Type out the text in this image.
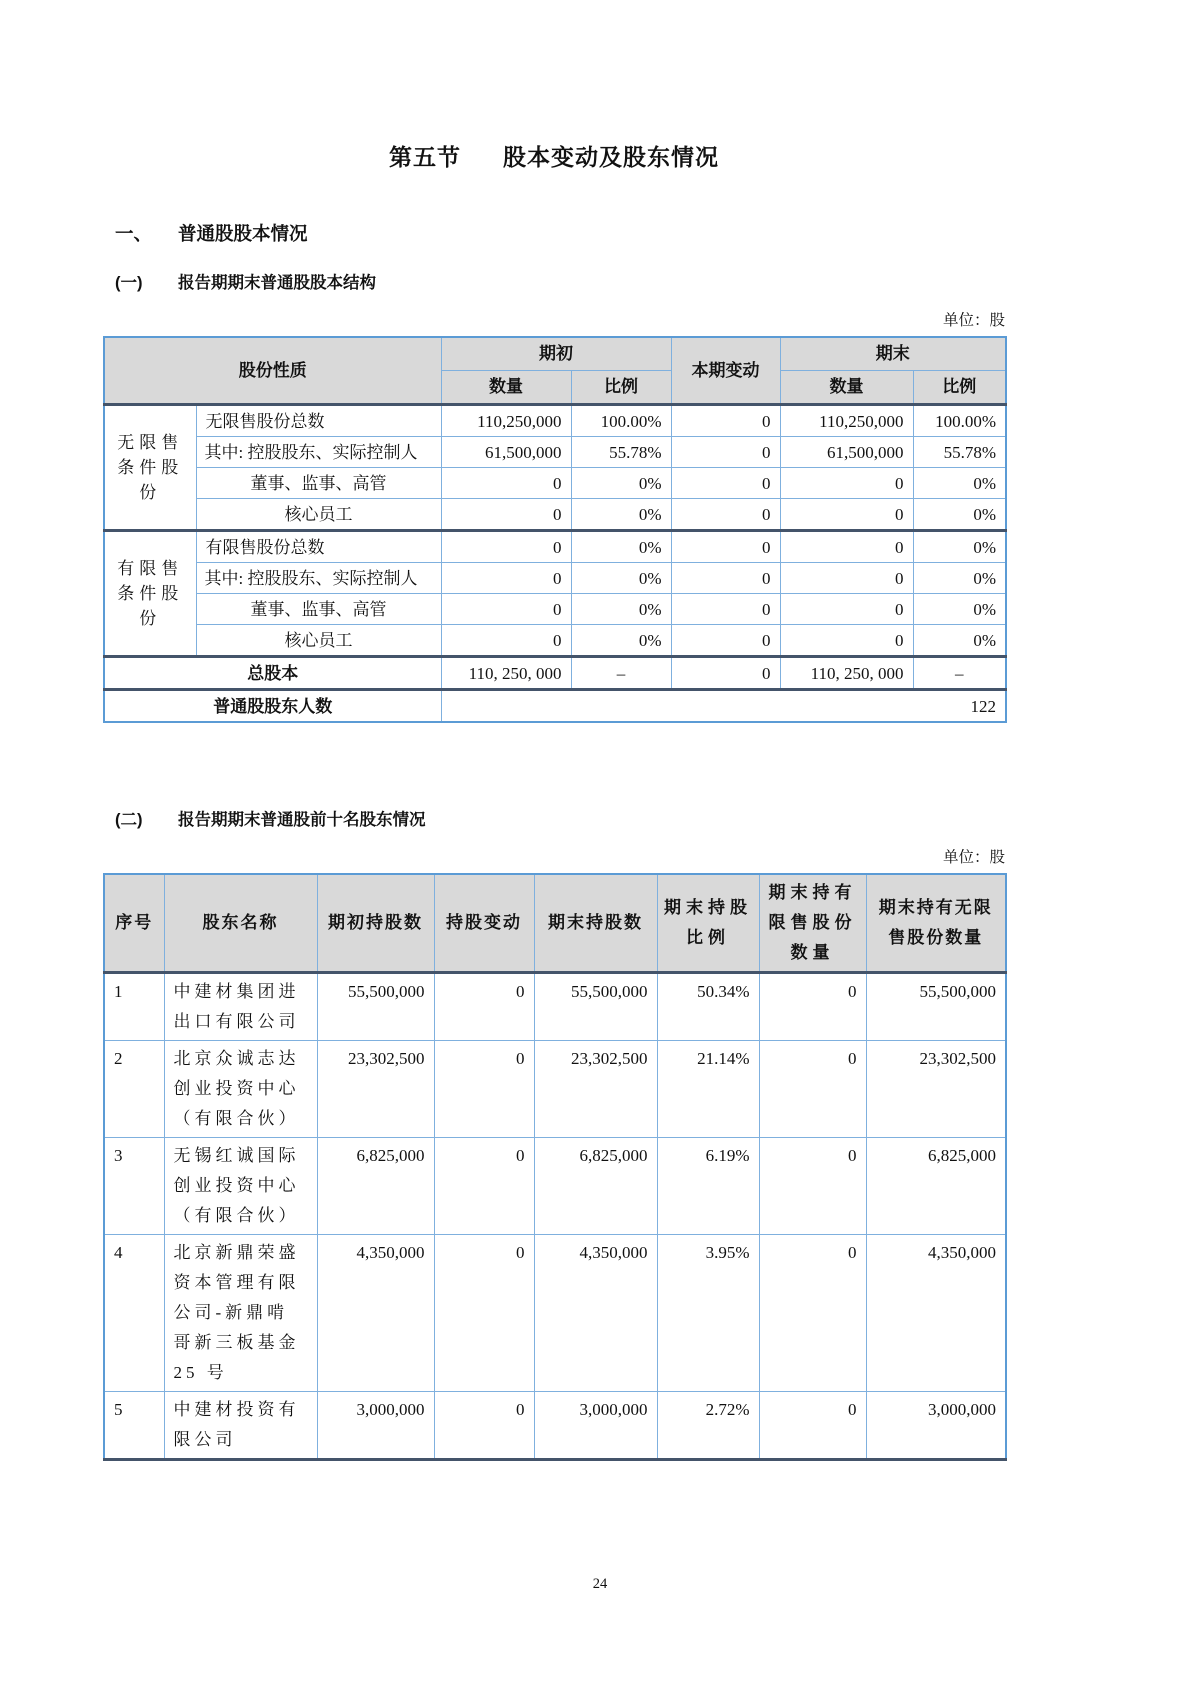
第五节 股本变动及股东情况
一、 普通股股本情况
(一) 报告期期末普通股股本结构
单位：股
股份性质		期初		本期变动	期末	
		数量	比例		数量	比例
无限售条件股份	无限售股份总数	110,250,000	100.00%	0	110,250,000	100.00%
	其中: 控股股东、实际控制人	61,500,000	55.78%	0	61,500,000	55.78%
	董事、监事、高管	0	0%	0	0	0%
	核心员工	0	0%	0	0	0%
有限售条件股份	有限售股份总数	0	0%	0	0	0%
	其中: 控股股东、实际控制人	0	0%	0	0	0%
	董事、监事、高管	0	0%	0	0	0%
	核心员工	0	0%	0	0	0%
总股本		110, 250, 000	–	0	110, 250, 000	–
普通股股东人数		122				
(二) 报告期期末普通股前十名股东情况
单位：股
序号	股东名称	期初持股数	持股变动	期末持股数	期末持股比例	期末持有限售股份数量	期末持有无限售股份数量
1	中建材集团进出口有限公司	55,500,000	0	55,500,000	50.34%	0	55,500,000
2	北京众诚志达创业投资中心（有限合伙）	23,302,500	0	23,302,500	21.14%	0	23,302,500
3	无锡红诚国际创业投资中心（有限合伙）	6,825,000	0	6,825,000	6.19%	0	6,825,000
4	北京新鼎荣盛资本管理有限公司-新鼎啃哥新三板基金 25 号	4,350,000	0	4,350,000	3.95%	0	4,350,000
5	中建材投资有限公司	3,000,000	0	3,000,000	2.72%	0	3,000,000
24
